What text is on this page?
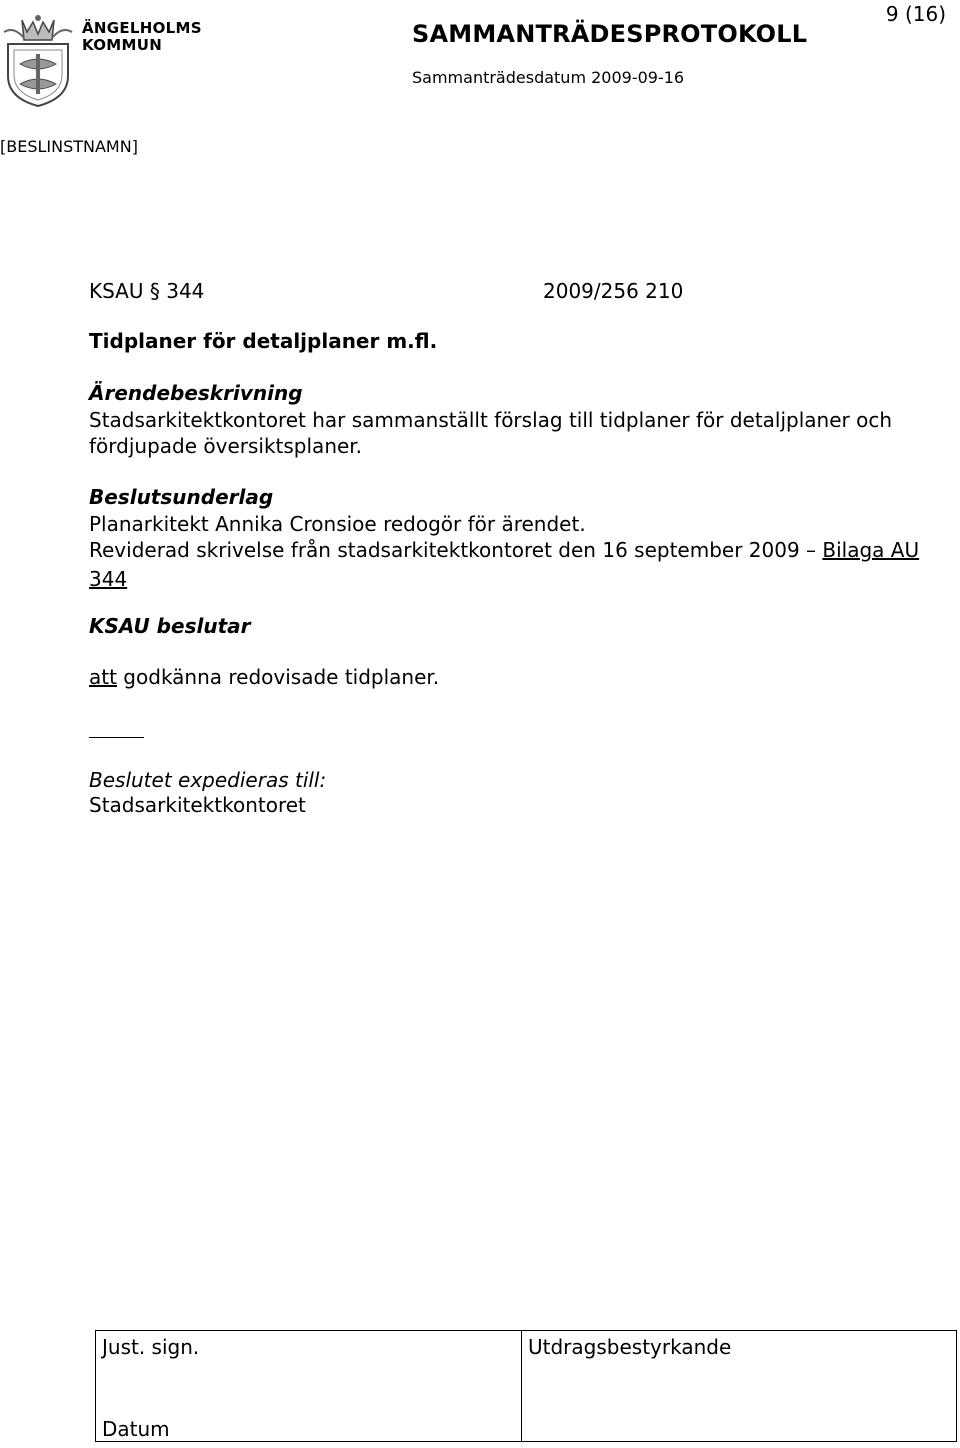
ÄNGELHOLMS
KOMMUN	SAMMANTRÄDESPROTOKOLL
9 (16)
Sammanträdesdatum 2009-09-16
[BESLINSTNAMN]
KSAU § 344	2009/256 210
Tidplaner för detaljplaner m.fl.
Ärendebeskrivning
Stadsarkitektkontoret har sammanställt förslag till tidplaner för detaljplaner och
fördjupade översiktsplaner.
Beslutsunderlag
Planarkitekt Annika Cronsioe redogör för ärendet.
Reviderad skrivelse från stadsarkitektkontoret den 16 september 2009 – Bilaga AU
344
KSAU beslutar
att godkänna redovisade tidplaner.
Beslutet expedieras till:
Stadsarkitektkontoret
Just. sign.
Datum
Utdragsbestyrkande
